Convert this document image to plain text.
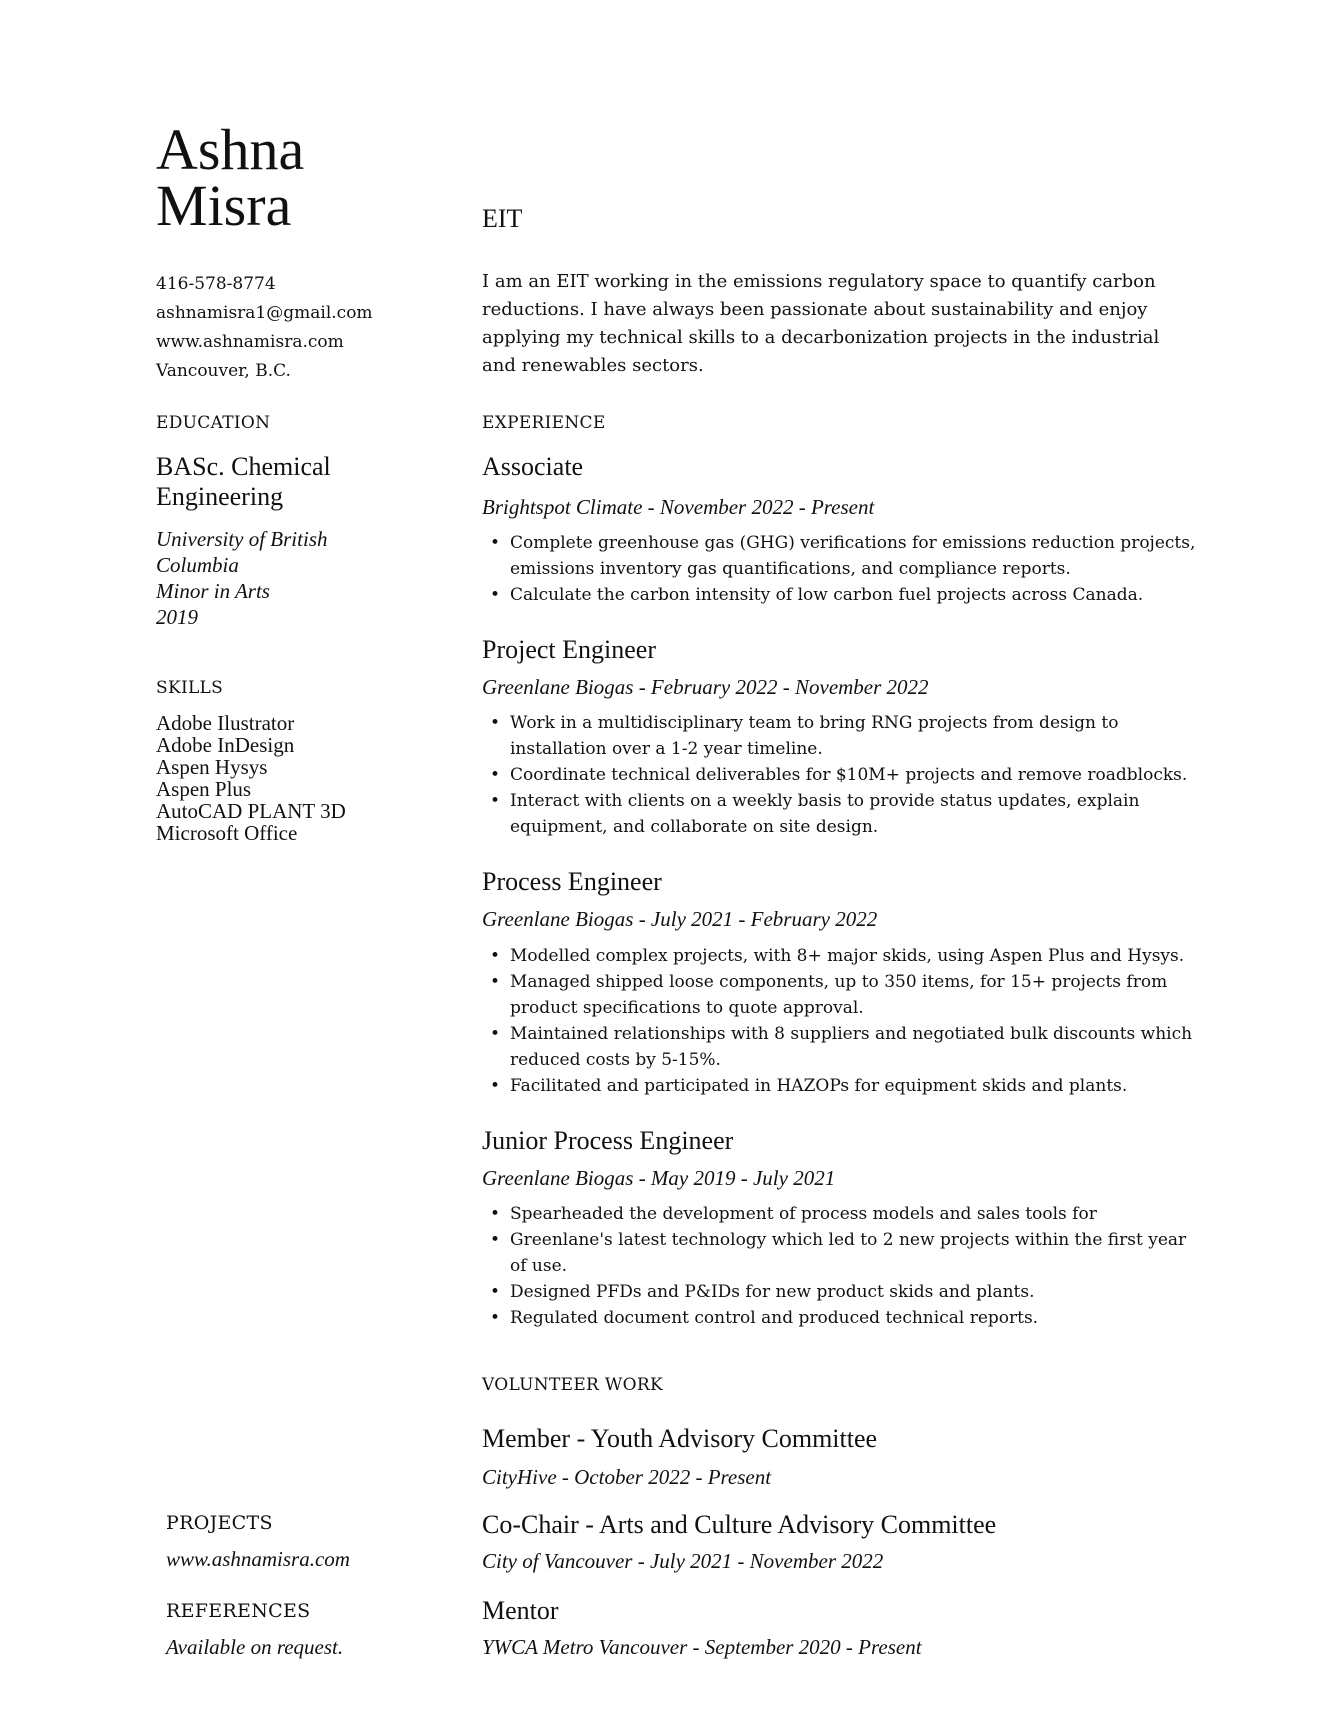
Ashna
Misra	EIT
416-578-8774
ashnamisra1@gmail.com
www.ashnamisra.com
Vancouver, B.C.
EDUCATION
BASc. Chemical Engineering
University of British Columbia
Minor in Arts
2019
SKILLS
Adobe Ilustrator
Adobe InDesign
Aspen Hysys
Aspen Plus
AutoCAD PLANT 3D
Microsoft Office
PROJECTS
www.ashnamisra.com
REFERENCES
Available on request.
I am an EIT working in the emissions regulatory space to quantify carbon reductions. I have always been passionate about sustainability and enjoy applying my technical skills to a decarbonization projects in the industrial and renewables sectors.
EXPERIENCE
Associate
Brightspot Climate - November 2022 - Present
• Complete greenhouse gas (GHG) verifications for emissions reduction projects, emissions inventory gas quantifications, and compliance reports.
• Calculate the carbon intensity of low carbon fuel projects across Canada.
Project Engineer
Greenlane Biogas - February 2022 - November 2022
• Work in a multidisciplinary team to bring RNG projects from design to installation over a 1-2 year timeline.
• Coordinate technical deliverables for $10M+ projects and remove roadblocks.
• Interact with clients on a weekly basis to provide status updates, explain equipment, and collaborate on site design.
Process Engineer
Greenlane Biogas - July 2021 - February 2022
• Modelled complex projects, with 8+ major skids, using Aspen Plus and Hysys.
• Managed shipped loose components, up to 350 items, for 15+ projects from product specifications to quote approval.
• Maintained relationships with 8 suppliers and negotiated bulk discounts which reduced costs by 5-15%.
• Facilitated and participated in HAZOPs for equipment skids and plants.
Junior Process Engineer
Greenlane Biogas - May 2019 - July 2021
• Spearheaded the development of process models and sales tools for
• Greenlane's latest technology which led to 2 new projects within the first year of use.
• Designed PFDs and P&IDs for new product skids and plants.
• Regulated document control and produced technical reports.
VOLUNTEER WORK
Member - Youth Advisory Committee
CityHive - October 2022 - Present
Co-Chair - Arts and Culture Advisory Committee
City of Vancouver - July 2021 - November 2022
Mentor
YWCA Metro Vancouver - September 2020 - Present
